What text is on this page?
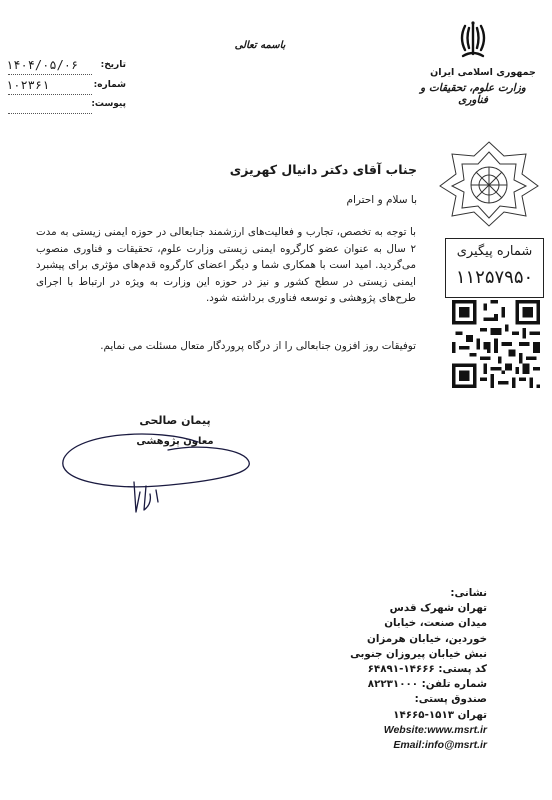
جمهوری اسلامی ایران
وزارت علوم، تحقیقات و فناوری
باسمه تعالی
تاریخ:
۱۴۰۴/۰۵/۰۶
شماره:
۱۰۲۳۶۱
پیوست:
شماره پیگیری
۱۱۲۵۷۹۵۰
جناب آقای دکتر دانیال کهریزی
با سلام و احترام
با توجه به تخصص، تجارب و فعالیت‌های ارزشمند جنابعالی در حوزه ایمنی زیستی به مدت ۲ سال به عنوان عضو کارگروه ایمنی زیستی وزارت علوم، تحقیقات و فناوری منصوب می‌گردید. امید است با همکاری شما و دیگر اعضای کارگروه قدم‌های مؤثری برای پیشبرد ایمنی زیستی در سطح کشور و نیز در حوزه این وزارت به ویژه در ارتباط با اجرای طرح‌های پژوهشی و توسعه فناوری برداشته شود.
توفیقات روز افزون جنابعالی را از درگاه پروردگار متعال مسئلت می نمایم.
پیمان صالحی
معاون پژوهشی
نشانی:
تهران شهرک قدس
میدان صنعت، خیابان
خوردین، خیابان هرمزان
نبش خیابان پیروزان جنوبی
کد پستی: ۱۴۶۶۶-۶۴۸۹۱
شماره تلفن: ۸۲۲۳۱۰۰۰
صندوق پستی:
تهران ۱۵۱۳-۱۴۶۶۵
Website:www.msrt.ir
Email:info@msrt.ir
